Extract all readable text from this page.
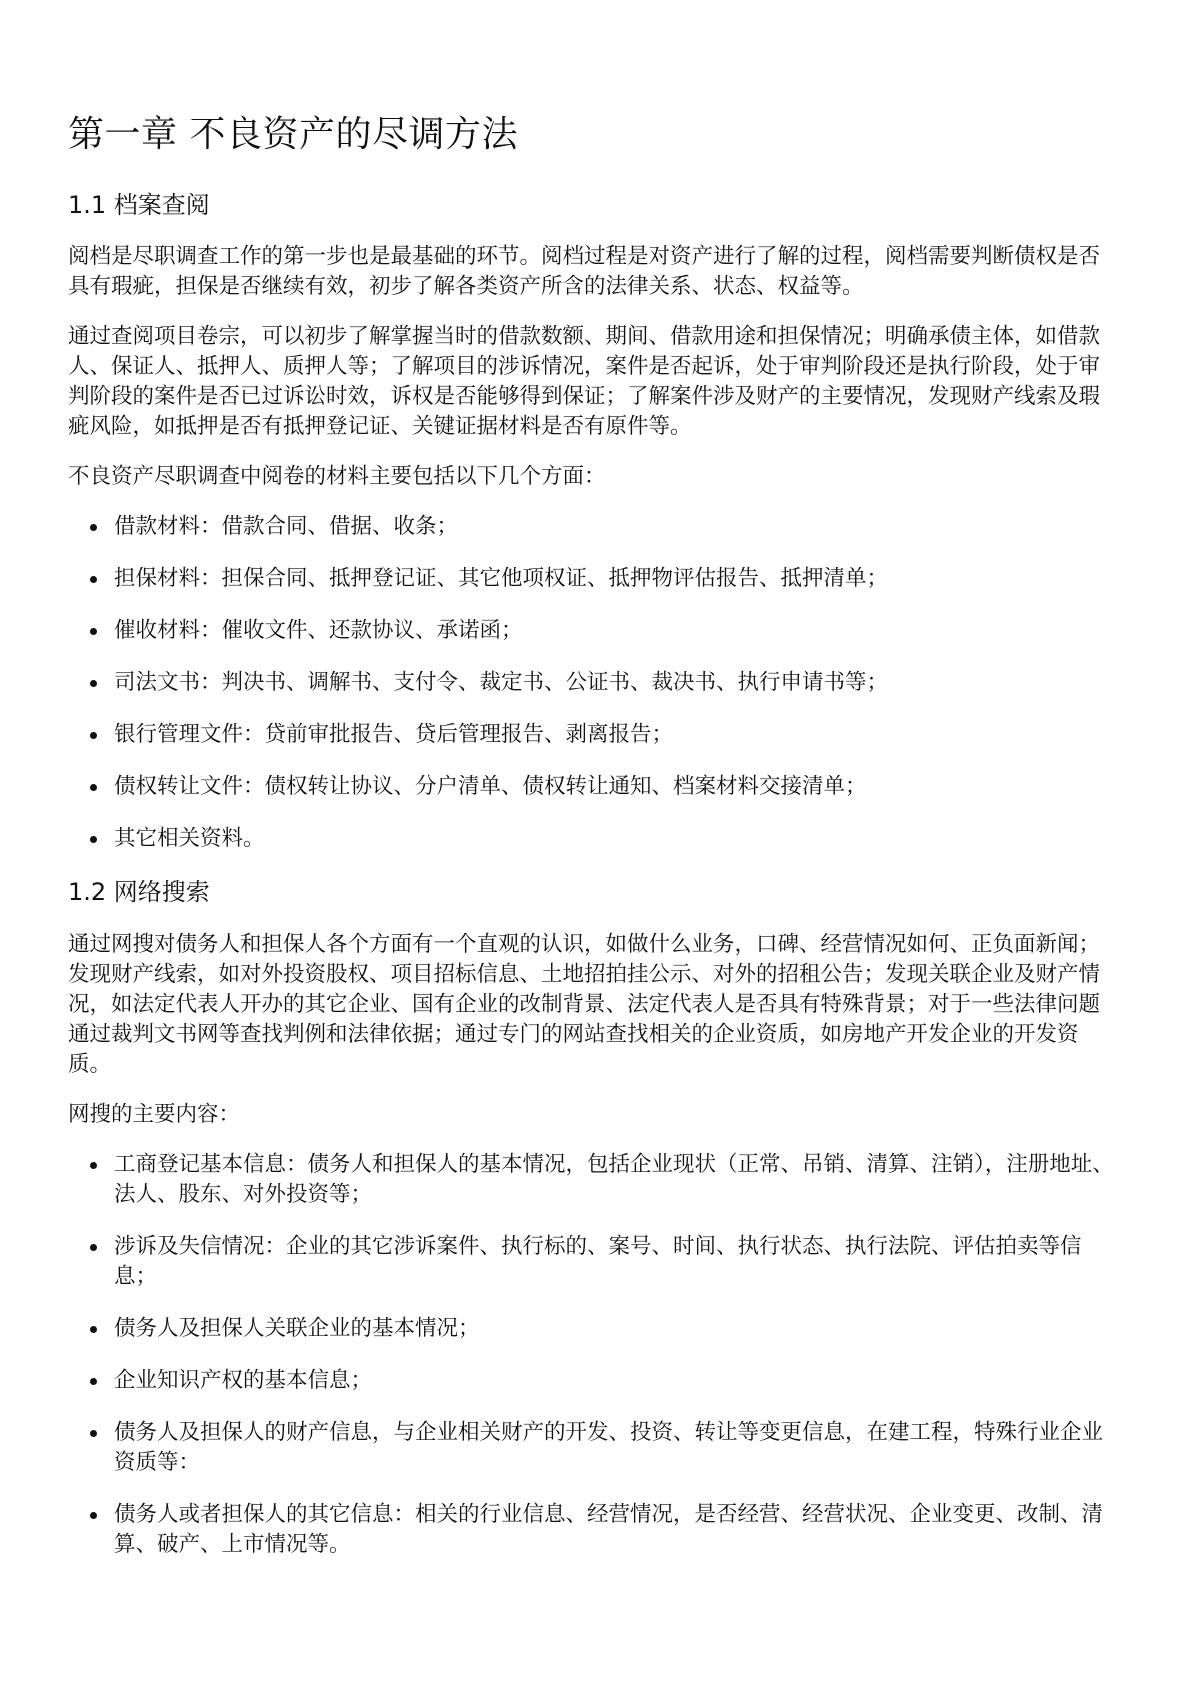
第一章 不良资产的尽调方法
1.1 档案查阅

阅档是尽职调查工作的第一步也是最基础的环节。阅档过程是对资产进行了解的过程，阅档需要判断债权是否具有瑕疵，担保是否继续有效，初步了解各类资产所含的法律关系、状态、权益等。

通过查阅项目卷宗，可以初步了解掌握当时的借款数额、期间、借款用途和担保情况；明确承债主体，如借款人、保证人、抵押人、质押人等；了解项目的涉诉情况，案件是否起诉，处于审判阶段还是执行阶段，处于审判阶段的案件是否已过诉讼时效，诉权是否能够得到保证；了解案件涉及财产的主要情况，发现财产线索及瑕疵风险，如抵押是否有抵押登记证、关键证据材料是否有原件等。

不良资产尽职调查中阅卷的材料主要包括以下几个方面：

借款材料：借款合同、借据、收条；
担保材料：担保合同、抵押登记证、其它他项权证、抵押物评估报告、抵押清单；
催收材料：催收文件、还款协议、承诺函；
司法文书：判决书、调解书、支付令、裁定书、公证书、裁决书、执行申请书等；
银行管理文件：贷前审批报告、贷后管理报告、剥离报告；
债权转让文件：债权转让协议、分户清单、债权转让通知、档案材料交接清单；
其它相关资料。
1.2 网络搜索

通过网搜对债务人和担保人各个方面有一个直观的认识，如做什么业务，口碑、经营情况如何、正负面新闻；发现财产线索，如对外投资股权、项目招标信息、土地招拍挂公示、对外的招租公告；发现关联企业及财产情况，如法定代表人开办的其它企业、国有企业的改制背景、法定代表人是否具有特殊背景；对于一些法律问题通过裁判文书网等查找判例和法律依据；通过专门的网站查找相关的企业资质，如房地产开发企业的开发资质。

网搜的主要内容：

工商登记基本信息：债务人和担保人的基本情况，包括企业现状（正常、吊销、清算、注销），注册地址、法人、股东、对外投资等；
涉诉及失信情况：企业的其它涉诉案件、执行标的、案号、时间、执行状态、执行法院、评估拍卖等信息；
债务人及担保人关联企业的基本情况；
企业知识产权的基本信息；
债务人及担保人的财产信息，与企业相关财产的开发、投资、转让等变更信息，在建工程，特殊行业企业资质等：
债务人或者担保人的其它信息：相关的行业信息、经营情况，是否经营、经营状况、企业变更、改制、清算、破产、上市情况等。
